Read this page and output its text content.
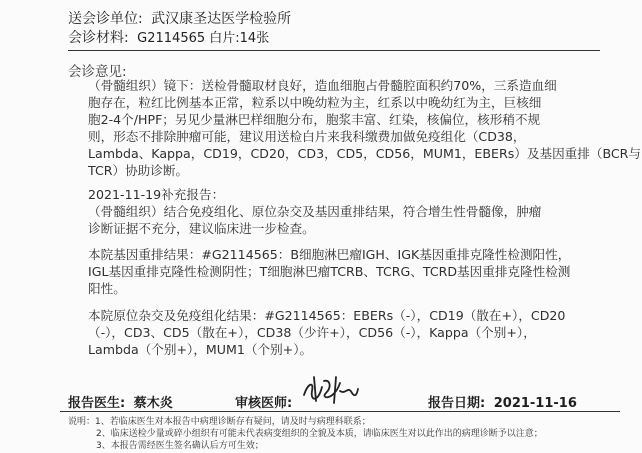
送会诊单位: 武汉康圣达医学检验所
会诊材料: G2114565 白片:14张
会诊意见:
（骨髓组织）镜下：送检骨髓取材良好，造血细胞占骨髓腔面积约70%，三系造血细
胞存在，粒红比例基本正常，粒系以中晚幼粒为主，红系以中晚幼红为主，巨核细
胞2-4个/HPF；另见少量淋巴样细胞分布，胞浆丰富、红染，核偏位，核形稍不规
则，形态不排除肿瘤可能，建议用送检白片来我科缴费加做免疫组化（CD38，
Lambda、Kappa，CD19，CD20，CD3，CD5，CD56，MUM1，EBERs）及基因重排（BCR与
TCR）协助诊断。
2021-11-19补充报告：
（骨髓组织）结合免疫组化、原位杂交及基因重排结果，符合增生性骨髓像，肿瘤
诊断证据不充分，建议临床进一步检查。
本院基因重排结果：#G2114565：B细胞淋巴瘤IGH、IGK基因重排克隆性检测阳性，
IGL基因重排克隆性检测阴性；T细胞淋巴瘤TCRB、TCRG、TCRD基因重排克隆性检测
阳性。
本院原位杂交及免疫组化结果：#G2114565：EBERs（-），CD19（散在+），CD20
（-），CD3、CD5（散在+），CD38（少许+），CD56（-），Kappa（个别+），
Lambda（个别+），MUM1（个别+）。
报告医生: 蔡木炎	审核医师:	报告日期: 2021-11-16
说明：1、若临床医生对本报告中病理诊断存有疑问，请及时与病理科联系；
2、临床送检少量或碎小组织有可能未代表病变组织的全貌及本质，请临床医生对以此作出的病理诊断予以注意；
3、本报告需经医生签名确认后方可生效；
